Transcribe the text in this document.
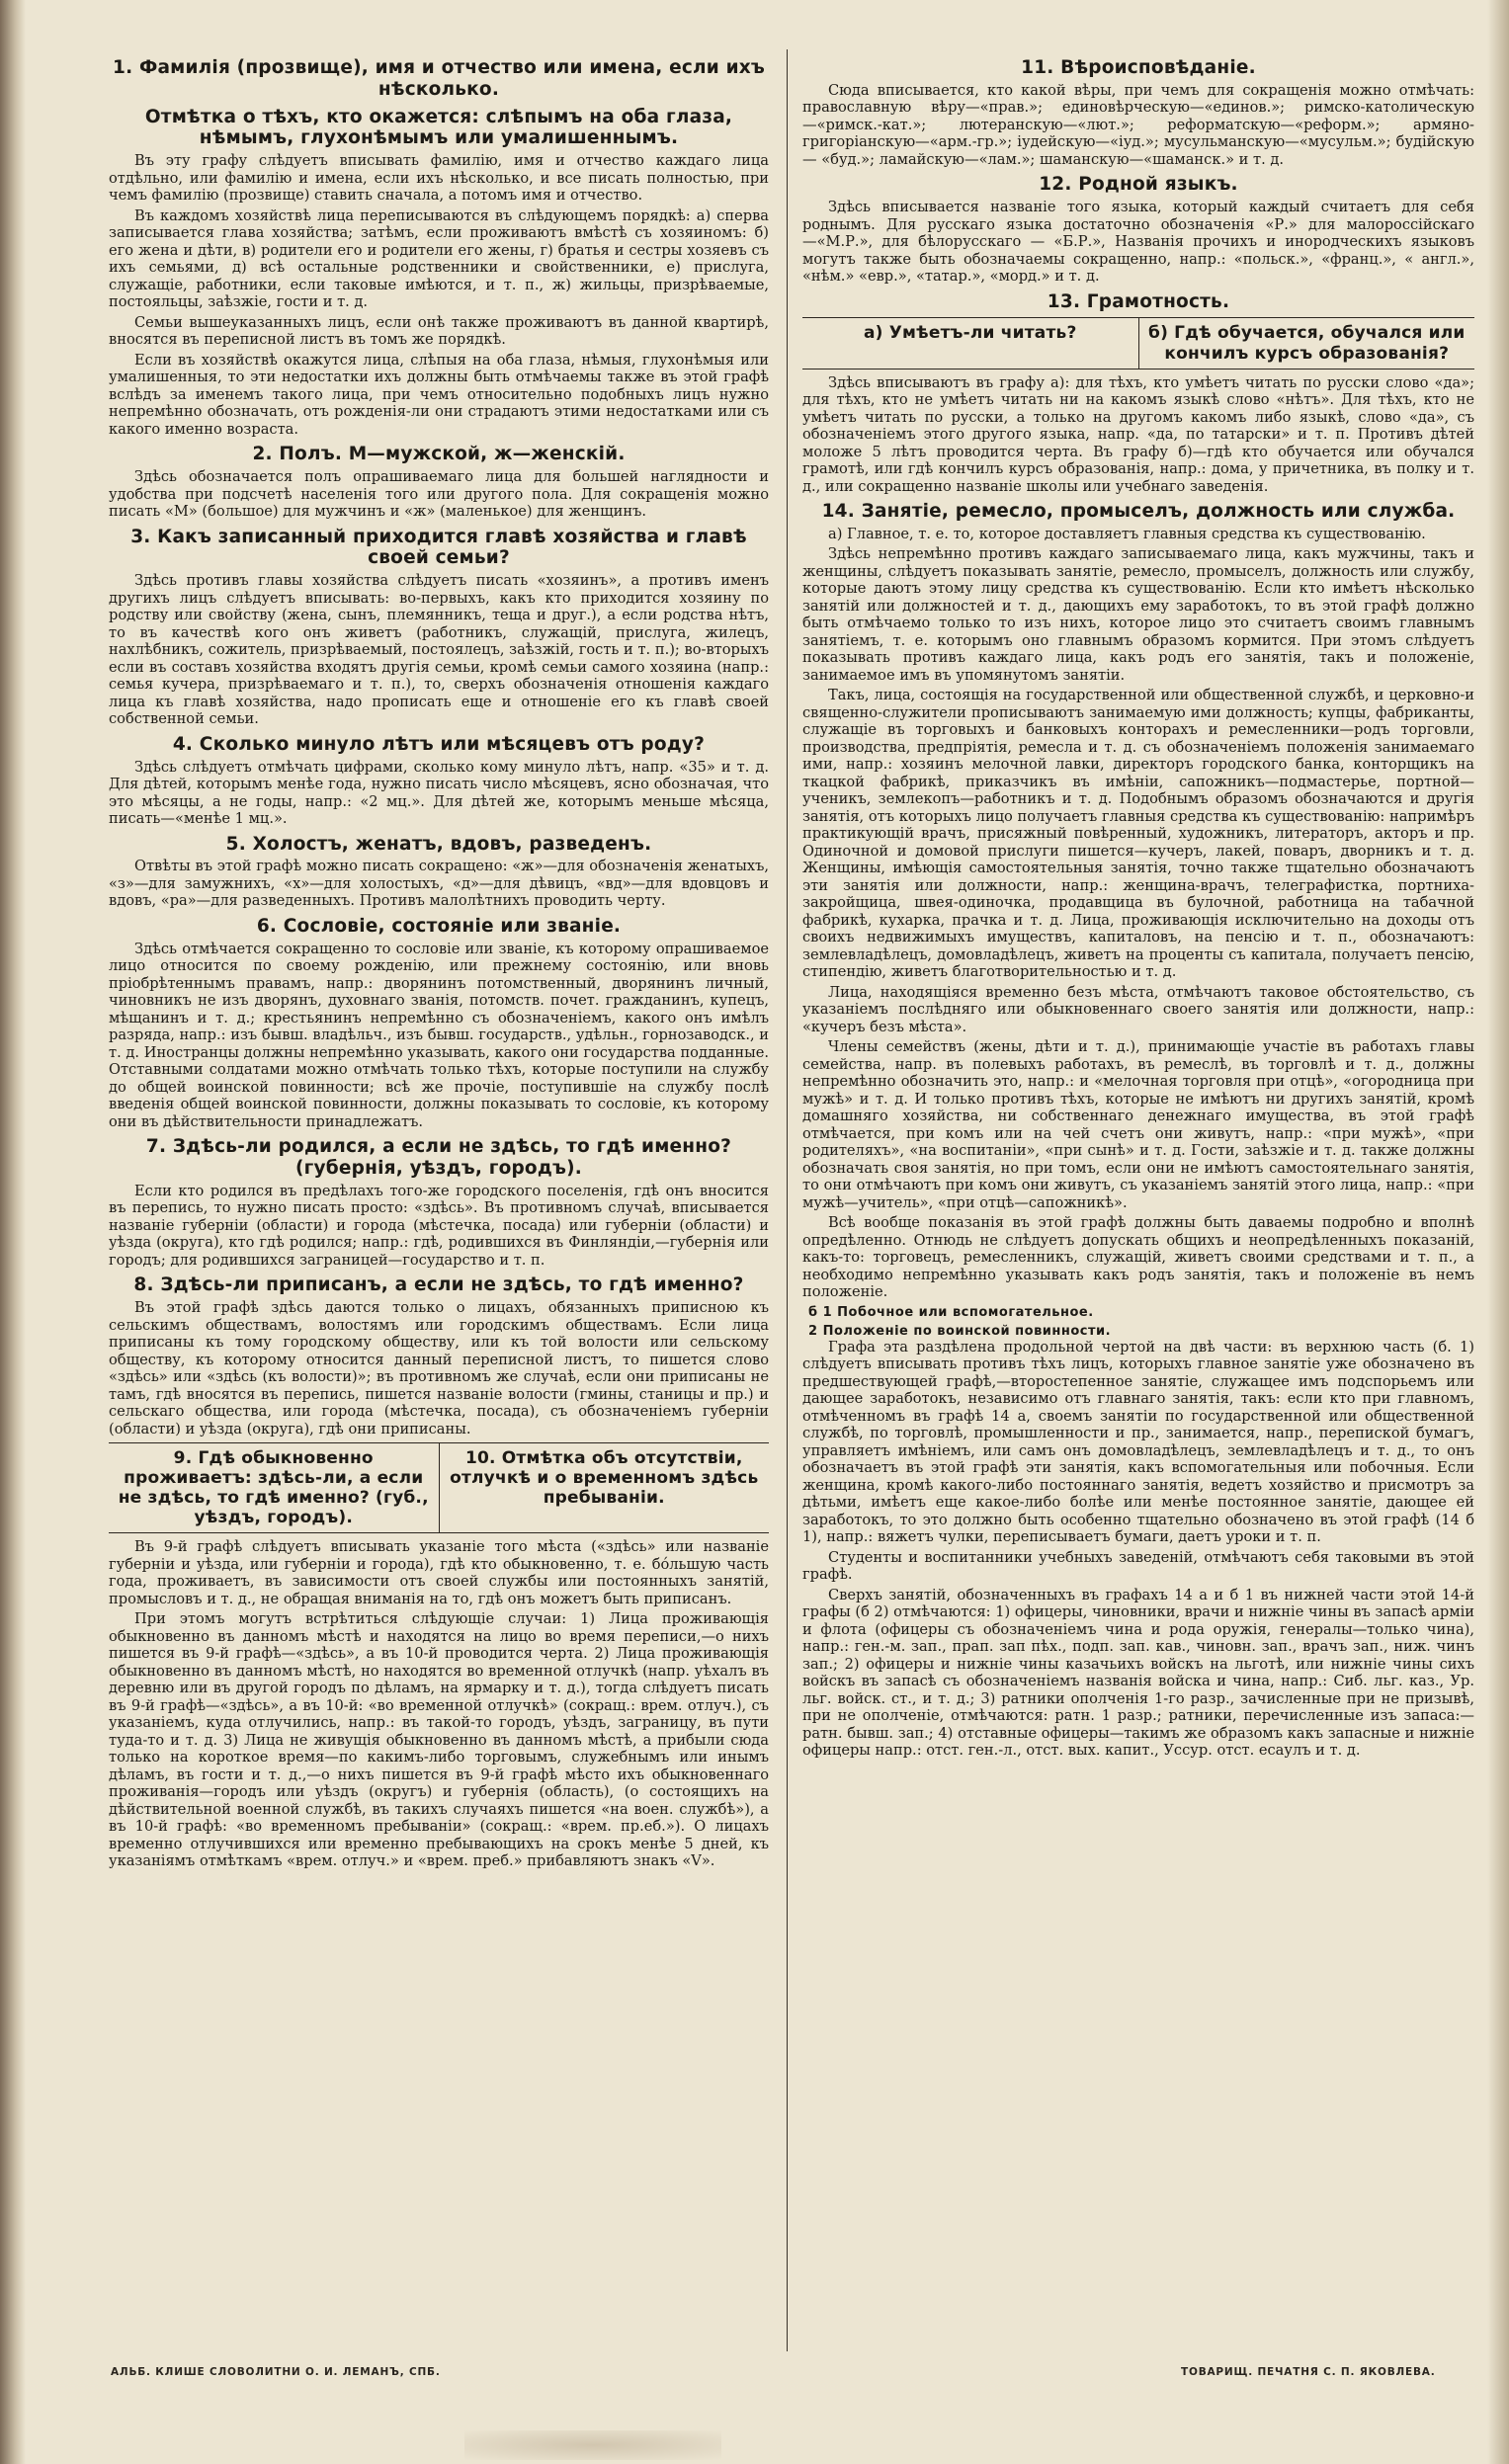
1. Фамилія (прозвище), имя и отчество или имена, если ихъ нѣсколько.
Отмѣтка о тѣхъ, кто окажется: слѣпымъ на оба глаза, нѣмымъ, глухонѣмымъ или умалишеннымъ.

Въ эту графу слѣдуетъ вписывать фамилію, имя и отчество каждаго лица отдѣльно, или фамилію и имена, если ихъ нѣсколько, и все писать полностью, при чемъ фамилію (прозвище) ставить сначала, а потомъ имя и отчество.

Въ каждомъ хозяйствѣ лица переписываются въ слѣдующемъ порядкѣ: а) сперва записывается глава хозяйства; затѣмъ, если проживаютъ вмѣстѣ съ хозяиномъ: б) его жена и дѣти, в) родители его и родители его жены, г) братья и сестры хозяевъ съ ихъ семьями, д) всѣ остальные родственники и свойственники, е) прислуга, служащіе, работники, если таковые имѣются, и т. п., ж) жильцы, призрѣваемые, постояльцы, заѣзжіе, гости и т. д.

Семьи вышеуказанныхъ лицъ, если онѣ также проживаютъ въ данной квартирѣ, вносятся въ переписной листъ въ томъ же порядкѣ.

Если въ хозяйствѣ окажутся лица, слѣпыя на оба глаза, нѣмыя, глухонѣмыя или умалишенныя, то эти недостатки ихъ должны быть отмѣчаемы также въ этой графѣ вслѣдъ за именемъ такого лица, при чемъ относительно подобныхъ лицъ нужно непремѣнно обозначать, отъ рожденія-ли они страдаютъ этими недостатками или съ какого именно возраста.

2. Полъ. М—мужской, ж—женскій.

Здѣсь обозначается полъ опрашиваемаго лица для большей наглядности и удобства при подсчетѣ населенія того или другого пола. Для сокращенія можно писать «М» (большое) для мужчинъ и «ж» (маленькое) для женщинъ.

3. Какъ записанный приходится главѣ хозяйства и главѣ своей семьи?

Здѣсь противъ главы хозяйства слѣдуетъ писать «хозяинъ», а противъ именъ другихъ лицъ слѣдуетъ вписывать: во-первыхъ, какъ кто приходится хозяину по родству или свойству (жена, сынъ, племянникъ, теща и друг.), а если родства нѣтъ, то въ качествѣ кого онъ живетъ (работникъ, служащій, прислуга, жилецъ, нахлѣбникъ, сожитель, призрѣваемый, постоялецъ, заѣзжій, гость и т. п.); во-вторыхъ если въ составъ хозяйства входятъ другія семьи, кромѣ семьи самого хозяина (напр.: семья кучера, призрѣваемаго и т. п.), то, сверхъ обозначенія отношенія каждаго лица къ главѣ хозяйства, надо прописать еще и отношеніе его къ главѣ своей собственной семьи.

4. Сколько минуло лѣтъ или мѣсяцевъ отъ роду?

Здѣсь слѣдуетъ отмѣчать цифрами, сколько кому минуло лѣтъ, напр. «35» и т. д. Для дѣтей, которымъ менѣе года, нужно писать число мѣсяцевъ, ясно обозначая, что это мѣсяцы, а не годы, напр.: «2 мц.». Для дѣтей же, которымъ меньше мѣсяца, писать—«менѣе 1 мц.».

5. Холостъ, женатъ, вдовъ, разведенъ.

Отвѣты въ этой графѣ можно писать сокращено: «ж»—для обозначенія женатыхъ, «з»—для замужнихъ, «х»—для холостыхъ, «д»—для дѣвицъ, «вд»—для вдовцовъ и вдовъ, «ра»—для разведенныхъ. Противъ малолѣтнихъ проводить черту.

6. Сословіе, состояніе или званіе.

Здѣсь отмѣчается сокращенно то сословіе или званіе, къ которому опрашиваемое лицо относится по своему рожденію, или прежнему состоянію, или вновь пріобрѣтеннымъ правамъ, напр.: дворянинъ потомственный, дворянинъ личный, чиновникъ не изъ дворянъ, духовнаго званія, потомств. почет. гражданинъ, купецъ, мѣщанинъ и т. д.; крестьянинъ непремѣнно съ обозначеніемъ, какого онъ имѣлъ разряда, напр.: изъ бывш. владѣльч., изъ бывш. государств., удѣльн., горнозаводск., и т. д. Иностранцы должны непремѣнно указывать, какого они государства подданные. Отставными солдатами можно отмѣчать только тѣхъ, которые поступили на службу до общей воинской повинности; всѣ же прочіе, поступившіе на службу послѣ введенія общей воинской повинности, должны показывать то сословіе, къ которому они въ дѣйствительности принадлежатъ.

7. Здѣсь-ли родился, а если не здѣсь, то гдѣ именно? (губернія, уѣздъ, городъ).

Если кто родился въ предѣлахъ того-же городского поселенія, гдѣ онъ вносится въ перепись, то нужно писать просто: «здѣсь». Въ противномъ случаѣ, вписывается названіе губерніи (области) и города (мѣстечка, посада) или губерніи (области) и уѣзда (округа), кто гдѣ родился; напр.: гдѣ, родившихся въ Финляндіи,—губернія или городъ; для родившихся заграницей—государство и т. п.

8. Здѣсь-ли приписанъ, а если не здѣсь, то гдѣ именно?

Въ этой графѣ здѣсь даются только о лицахъ, обязанныхъ приписною къ сельскимъ обществамъ, волостямъ или городскимъ обществамъ. Если лица приписаны къ тому городскому обществу, или къ той волости или сельскому обществу, къ которому относится данный переписной листъ, то пишется слово «здѣсь» или «здѣсь (къ волости)»; въ противномъ же случаѣ, если они приписаны не тамъ, гдѣ вносятся въ перепись, пишется названіе волости (гмины, станицы и пр.) и сельскаго общества, или города (мѣстечка, посада), съ обозначеніемъ губерніи (области) и уѣзда (округа), гдѣ они приписаны.

9. Гдѣ обыкновенно проживаетъ: здѣсь-ли, а если не здѣсь, то гдѣ именно? (губ., уѣздъ, городъ).
10. Отмѣтка объ отсутствіи, отлучкѣ и о временномъ здѣсь пребываніи.

Въ 9-й графѣ слѣдуетъ вписывать указаніе того мѣста («здѣсь» или названіе губерніи и уѣзда, или губерніи и города), гдѣ кто обыкновенно, т. е. бóльшую часть года, проживаетъ, въ зависимости отъ своей службы или постоянныхъ занятій, промысловъ и т. д., не обращая вниманія на то, гдѣ онъ можетъ быть приписанъ.

При этомъ могутъ встрѣтиться слѣдующіе случаи: 1) Лица проживающія обыкновенно въ данномъ мѣстѣ и находятся на лицо во время переписи,—о нихъ пишется въ 9-й графѣ—«здѣсь», а въ 10-й проводится черта. 2) Лица проживающія обыкновенно въ данномъ мѣстѣ, но находятся во временной отлучкѣ (напр. уѣхалъ въ деревню или въ другой городъ по дѣламъ, на ярмарку и т. д.), тогда слѣдуетъ писать въ 9-й графѣ—«здѣсь», а въ 10-й: «во временной отлучкѣ» (сокращ.: врем. отлуч.), съ указаніемъ, куда отлучились, напр.: въ такой-то городъ, уѣздъ, заграницу, въ пути туда-то и т. д. 3) Лица не живущія обыкновенно въ данномъ мѣстѣ, а прибыли сюда только на короткое время—по какимъ-либо торговымъ, служебнымъ или инымъ дѣламъ, въ гости и т. д.,—о нихъ пишется въ 9-й графѣ мѣсто ихъ обыкновеннаго проживанія—городъ или уѣздъ (округъ) и губернія (область), (о состоящихъ на дѣйствительной военной службѣ, въ такихъ случаяхъ пишется «на воен. службѣ»), а въ 10-й графѣ: «во временномъ пребываніи» (сокращ.: «врем. пр.еб.»). О лицахъ временно отлучившихся или временно пребывающихъ на срокъ менѣе 5 дней, къ указаніямъ отмѣткамъ «врем. отлуч.» и «врем. преб.» прибавляютъ знакъ «V».

11. Вѣроисповѣданіе.

Сюда вписывается, кто какой вѣры, при чемъ для сокращенія можно отмѣчать: православную вѣру—«прав.»; единовѣрческую—«единов.»; римско-католическую—«римск.-кат.»; лютеранскую—«лют.»; реформатскую—«реформ.»; армяно-григоріанскую—«арм.-гр.»; іудейскую—«іуд.»; мусульманскую—«мусульм.»; будійскую — «буд.»; ламайскую—«лам.»; шаманскую—«шаманск.» и т. д.

12. Родной языкъ.

Здѣсь вписывается названіе того языка, который каждый считаетъ для себя роднымъ. Для русскаго языка достаточно обозначенія «Р.» для малороссійскаго—«М.Р.», для бѣлорусскаго — «Б.Р.», Названія прочихъ и инородческихъ языковъ могутъ также быть обозначаемы сокращенно, напр.: «польск.», «франц.», « англ.», «нѣм.» «евр.», «татар.», «морд.» и т. д.

13. Грамотность.
а) Умѣетъ-ли читать?	б) Гдѣ обучается, обучался или кончилъ курсъ образованія?

Здѣсь вписываютъ въ графу а): для тѣхъ, кто умѣетъ читать по русски слово «да»; для тѣхъ, кто не умѣетъ читать ни на какомъ языкѣ слово «нѣтъ». Для тѣхъ, кто не умѣетъ читать по русски, а только на другомъ какомъ либо языкѣ, слово «да», съ обозначеніемъ этого другого языка, напр. «да, по татарски» и т. п. Противъ дѣтей моложе 5 лѣтъ проводится черта. Въ графу б)—гдѣ кто обучается или обучался грамотѣ, или гдѣ кончилъ курсъ образованія, напр.: дома, у причетника, въ полку и т. д., или сокращенно названіе школы или учебнаго заведенія.

14. Занятіе, ремесло, промыселъ, должность или служба.

а) Главное, т. е. то, которое доставляетъ главныя средства къ существованію.

Здѣсь непремѣнно противъ каждаго записываемаго лица, какъ мужчины, такъ и женщины, слѣдуетъ показывать занятіе, ремесло, промыселъ, должность или службу, которые даютъ этому лицу средства къ существованію. Если кто имѣетъ нѣсколько занятій или должностей и т. д., дающихъ ему заработокъ, то въ этой графѣ должно быть отмѣчаемо только то изъ нихъ, которое лицо это считаетъ своимъ главнымъ занятіемъ, т. е. которымъ оно главнымъ образомъ кормится. При этомъ слѣдуетъ показывать противъ каждаго лица, какъ родъ его занятія, такъ и положеніе, занимаемое имъ въ упомянутомъ занятіи.

Такъ, лица, состоящія на государственной или общественной службѣ, и церковно-и священно-служители прописываютъ занимаемую ими должность; купцы, фабриканты, служащіе въ торговыхъ и банковыхъ конторахъ и ремесленники—родъ торговли, производства, предпріятія, ремесла и т. д. съ обозначеніемъ положенія занимаемаго ими, напр.: хозяинъ мелочной лавки, директоръ городского банка, конторщикъ на ткацкой фабрикѣ, приказчикъ въ имѣніи, сапожникъ—подмастерье, портной—ученикъ, землекопъ—работникъ и т. д. Подобнымъ образомъ обозначаются и другія занятія, отъ которыхъ лицо получаетъ главныя средства къ существованію: напримѣръ практикующій врачъ, присяжный повѣренный, художникъ, литераторъ, акторъ и пр. Одиночной и домовой прислуги пишется—кучеръ, лакей, поваръ, дворникъ и т. д. Женщины, имѣющія самостоятельныя занятія, точно также тщательно обозначаютъ эти занятія или должности, напр.: женщина-врачъ, телеграфистка, портниха-закройщица, швея-одиночка, продавщица въ булочной, работница на табачной фабрикѣ, кухарка, прачка и т. д. Лица, проживающія исключительно на доходы отъ своихъ недвижимыхъ имуществъ, капиталовъ, на пенсію и т. п., обозначаютъ: землевладѣлецъ, домовладѣлецъ, живетъ на проценты съ капитала, получаетъ пенсію, стипендію, живетъ благотворительностью и т. д.

Лица, находящіяся временно безъ мѣста, отмѣчаютъ таковое обстоятельство, съ указаніемъ послѣдняго или обыкновеннаго своего занятія или должности, напр.: «кучеръ безъ мѣста».

Члены семействъ (жены, дѣти и т. д.), принимающіе участіе въ работахъ главы семейства, напр. въ полевыхъ работахъ, въ ремеслѣ, въ торговлѣ и т. д., должны непремѣнно обозначить это, напр.: и «мелочная торговля при отцѣ», «огородница при мужѣ» и т. д. И только противъ тѣхъ, которые не имѣютъ ни другихъ занятій, кромѣ домашняго хозяйства, ни собственнаго денежнаго имущества, въ этой графѣ отмѣчается, при комъ или на чей счетъ они живутъ, напр.: «при мужѣ», «при родителяхъ», «на воспитаніи», «при сынѣ» и т. д. Гости, заѣзжіе и т. д. также должны обозначать своя занятія, но при томъ, если они не имѣютъ самостоятельнаго занятія, то они отмѣчаютъ при комъ они живутъ, съ указаніемъ занятій этого лица, напр.: «при мужѣ—учитель», «при отцѣ—сапожникѣ».

Всѣ вообще показанія въ этой графѣ должны быть даваемы подробно и вполнѣ опредѣленно. Отнюдь не слѣдуетъ допускать общихъ и неопредѣленныхъ показаній, какъ-то: торговецъ, ремесленникъ, служащій, живетъ своими средствами и т. п., а необходимо непремѣнно указывать какъ родъ занятія, такъ и положеніе въ немъ положеніе.

б 1 Побочное или вспомогательное.
2 Положеніе по воинской повинности.

Графа эта раздѣлена продольной чертой на двѣ части: въ верхнюю часть (б. 1) слѣдуетъ вписывать противъ тѣхъ лицъ, которыхъ главное занятіе уже обозначено въ предшествующей графѣ,—второстепенное занятіе, служащее имъ подспорьемъ или дающее заработокъ, независимо отъ главнаго занятія, такъ: если кто при главномъ, отмѣченномъ въ графѣ 14 а, своемъ занятіи по государственной или общественной службѣ, по торговлѣ, промышленности и пр., занимается, напр., перепиской бумагъ, управляетъ имѣніемъ, или самъ онъ домовладѣлецъ, землевладѣлецъ и т. д., то онъ обозначаетъ въ этой графѣ эти занятія, какъ вспомогательныя или побочныя. Если женщина, кромѣ какого-либо постояннаго занятія, ведетъ хозяйство и присмотръ за дѣтьми, имѣетъ еще какое-либо болѣе или менѣе постоянное занятіе, дающее ей заработокъ, то это должно быть особенно тщательно обозначено въ этой графѣ (14 б 1), напр.: вяжетъ чулки, переписываетъ бумаги, даетъ уроки и т. п.

Студенты и воспитанники учебныхъ заведеній, отмѣчаютъ себя таковыми въ этой графѣ.

Сверхъ занятій, обозначенныхъ въ графахъ 14 а и б 1 въ нижней части этой 14-й графы (б 2) отмѣчаются: 1) офицеры, чиновники, врачи и нижніе чины въ запасѣ арміи и флота (офицеры съ обозначеніемъ чина и рода оружія, генералы—только чина), напр.: ген.-м. зап., прап. зап пѣх., подп. зап. кав., чиновн. зап., врачъ зап., ниж. чинъ зап.; 2) офицеры и нижніе чины казачьихъ войскъ на льготѣ, или нижніе чины сихъ войскъ въ запасѣ съ обозначеніемъ названія войска и чина, напр.: Сиб. льг. каз., Ур. льг. войск. ст., и т. д.; 3) ратники ополченія 1-го разр., зачисленные при не призывѣ, при не ополченіе, отмѣчаются: ратн. 1 разр.; ратники, перечисленные изъ запаса:—ратн. бывш. зап.; 4) отставные офицеры—такимъ же образомъ какъ запасные и нижніе офицеры напр.: отст. ген.-л., отст. вых. капит., Уссур. отст. есаулъ и т. д.

АЛЬБ. КЛИШЕ СЛОВОЛИТНИ О. И. ЛЕМАНЪ, СПБ.	ТОВАРИЩ. ПЕЧАТНЯ С. П. ЯКОВЛЕВА.
